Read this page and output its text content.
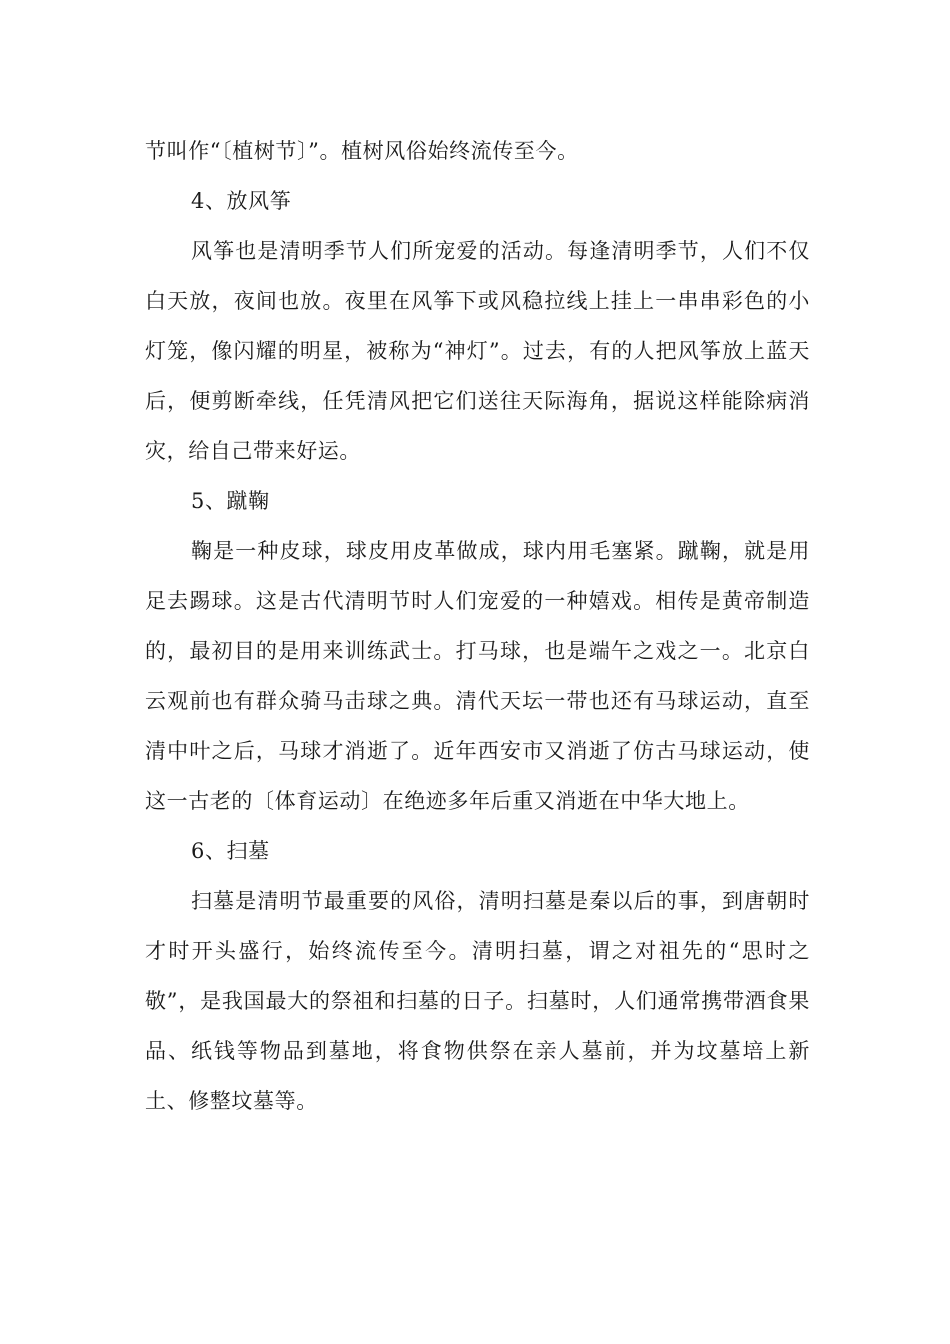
节叫作“〔植树节〕”。植树风俗始终流传至今。

4、放风筝

风筝也是清明季节人们所宠爱的活动。每逢清明季节，人们不仅白天放，夜间也放。夜里在风筝下或风稳拉线上挂上一串串彩色的小灯笼，像闪耀的明星，被称为“神灯”。过去，有的人把风筝放上蓝天后，便剪断牵线，任凭清风把它们送往天际海角，据说这样能除病消灾，给自己带来好运。

5、蹴鞠

鞠是一种皮球，球皮用皮革做成，球内用毛塞紧。蹴鞠，就是用足去踢球。这是古代清明节时人们宠爱的一种嬉戏。相传是黄帝制造的，最初目的是用来训练武士。打马球，也是端午之戏之一。北京白云观前也有群众骑马击球之典。清代天坛一带也还有马球运动，直至清中叶之后，马球才消逝了。近年西安市又消逝了仿古马球运动，使这一古老的〔体育运动〕在绝迹多年后重又消逝在中华大地上。

6、扫墓

扫墓是清明节最重要的风俗，清明扫墓是秦以后的事，到唐朝时才时开头盛行，始终流传至今。清明扫墓，谓之对祖先的“思时之敬”，是我国最大的祭祖和扫墓的日子。扫墓时，人们通常携带酒食果品、纸钱等物品到墓地，将食物供祭在亲人墓前，并为坟墓培上新土、修整坟墓等。
